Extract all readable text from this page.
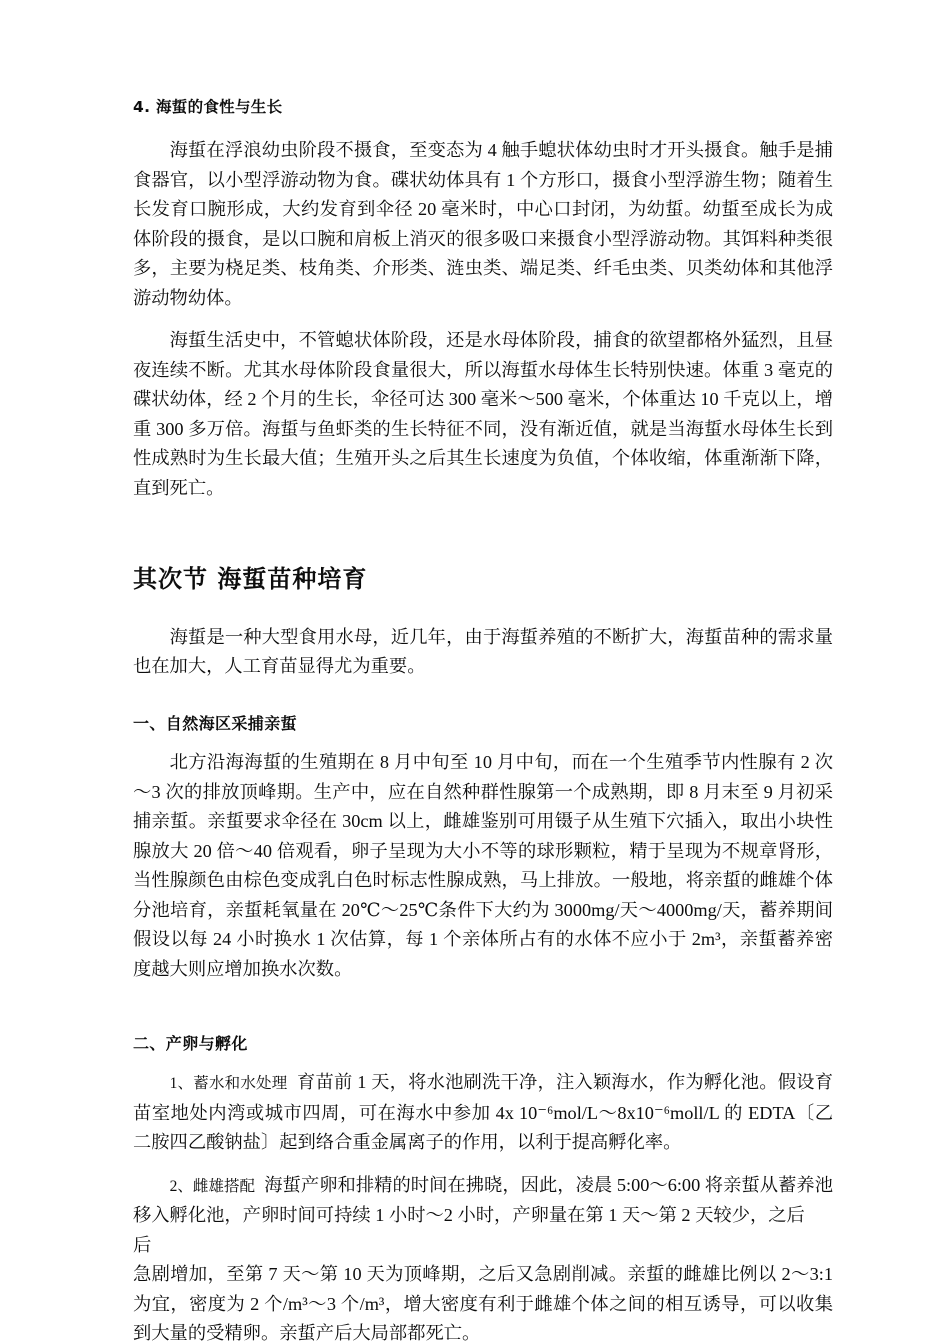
4. 海蜇的食性与生长

海蜇在浮浪幼虫阶段不摄食，至变态为 4 触手螅状体幼虫时才开头摄食。触手是捕食器官，以小型浮游动物为食。碟状幼体具有 1 个方形口，摄食小型浮游生物；随着生长发育口腕形成，大约发育到伞径 20 毫米时，中心口封闭，为幼蜇。幼蜇至成长为成体阶段的摄食，是以口腕和肩板上消灭的很多吸口来摄食小型浮游动物。其饵料种类很多，主要为桡足类、枝角类、介形类、涟虫类、端足类、纤毛虫类、贝类幼体和其他浮游动物幼体。

海蜇生活史中，不管螅状体阶段，还是水母体阶段，捕食的欲望都格外猛烈，且昼夜连续不断。尤其水母体阶段食量很大，所以海蜇水母体生长特别快速。体重 3 毫克的碟状幼体，经 2 个月的生长，伞径可达 300 毫米～500 毫米，个体重达 10 千克以上，增重 300 多万倍。海蜇与鱼虾类的生长特征不同，没有渐近值，就是当海蜇水母体生长到性成熟时为生长最大值；生殖开头之后其生长速度为负值，个体收缩，体重渐渐下降， 直到死亡。

其次节 海蜇苗种培育

海蜇是一种大型食用水母，近几年，由于海蜇养殖的不断扩大，海蜇苗种的需求量也在加大，人工育苗显得尤为重要。

一、自然海区采捕亲蜇

北方沿海海蜇的生殖期在 8 月中旬至 10 月中旬，而在一个生殖季节内性腺有 2 次～3 次的排放顶峰期。生产中，应在自然种群性腺第一个成熟期，即 8 月末至 9 月初采捕亲蜇。亲蜇要求伞径在 30cm 以上，雌雄鉴别可用镊子从生殖下穴插入，取出小块性腺放大 20 倍～40 倍观看，卵子呈现为大小不等的球形颗粒，精于呈现为不规章肾形，当性腺颜色由棕色变成乳白色时标志性腺成熟，马上排放。一般地，将亲蜇的雌雄个体分池培育，亲蜇耗氧量在 20℃～25℃条件下大约为 3000mg/天～4000mg/天，蓄养期间假设以每 24 小时换水 1 次估算，每 1 个亲体所占有的水体不应小于 2m³，亲蜇蓄养密度越大则应增加换水次数。

二、产卵与孵化

1、蓄水和水处理 育苗前 1 天，将水池刷洗干净，注入颖海水，作为孵化池。假设育苗室地处内湾或城市四周，可在海水中参加 4x 10⁻⁶mol/L～8x10⁻⁶moll/L 的 EDTA〔乙二胺四乙酸钠盐〕起到络合重金属离子的作用，以利于提高孵化率。

2、雌雄搭配 海蜇产卵和排精的时间在拂晓，因此，凌晨 5:00～6:00 将亲蜇从蓄养池移入孵化池，产卵时间可持续 1 小时～2 小时，产卵量在第 1 天～第 2 天较少，之后

后

急剧增加，至第 7 天～第 10 天为顶峰期，之后又急剧削减。亲蜇的雌雄比例以 2～3:1 为宜，密度为 2 个/m³～3 个/m³，增大密度有利于雌雄个体之间的相互诱导，可以收集到大量的受精卵。亲蜇产后大局部都死亡。
